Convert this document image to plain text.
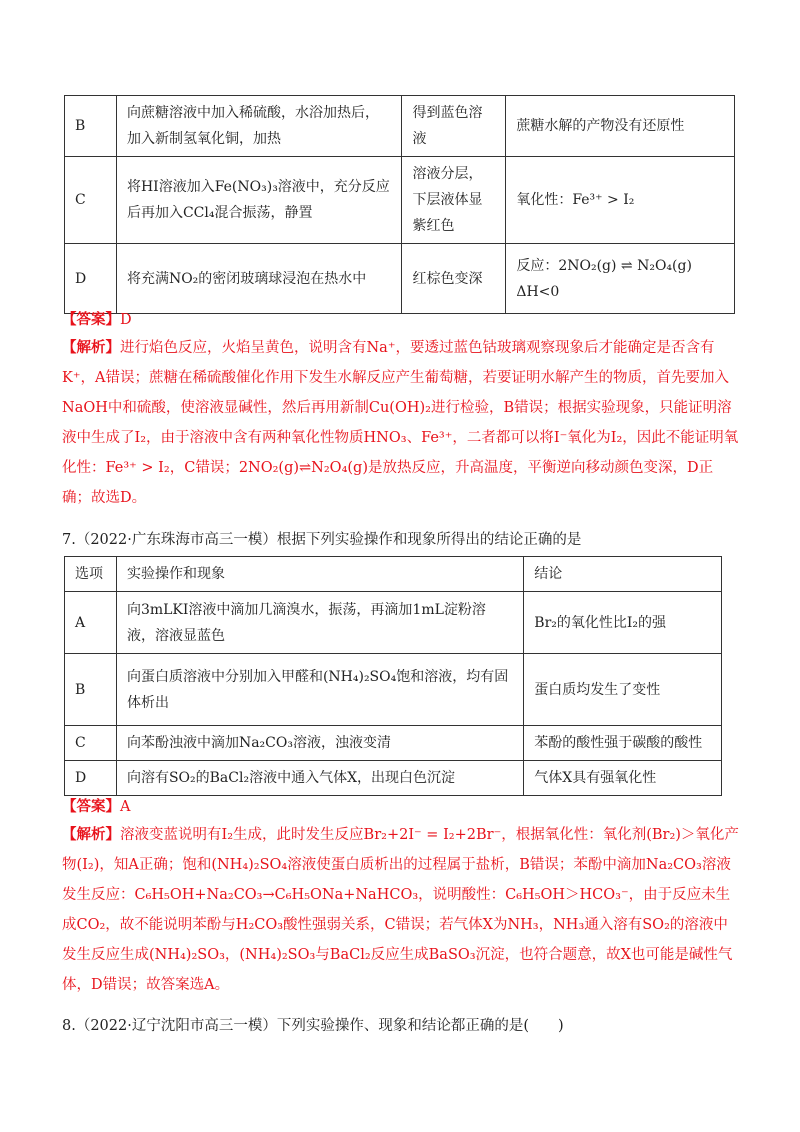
B	向蔗糖溶液中加入稀硫酸，水浴加热后，加入新制氢氧化铜，加热	得到蓝色溶液	蔗糖水解的产物没有还原性
C	将HI溶液加入Fe(NO₃)₃溶液中，充分反应后再加入CCl₄混合振荡，静置	溶液分层，下层液体显紫红色	氧化性：Fe³⁺ > I₂
D	将充满NO₂的密闭玻璃球浸泡在热水中	红棕色变深	反应：2NO₂(g) ⇌ N₂O₄(g) ΔH<0
【答案】D
【解析】进行焰色反应，火焰呈黄色，说明含有Na⁺，要透过蓝色钴玻璃观察现象后才能确定是否含有K⁺，A错误；蔗糖在稀硫酸催化作用下发生水解反应产生葡萄糖，若要证明水解产生的物质，首先要加入NaOH中和硫酸，使溶液显碱性，然后再用新制Cu(OH)₂进行检验，B错误；根据实验现象，只能证明溶液中生成了I₂，由于溶液中含有两种氧化性物质HNO₃、Fe³⁺，二者都可以将I⁻氧化为I₂，因此不能证明氧化性：Fe³⁺ > I₂，C错误；2NO₂(g)⇌N₂O₄(g)是放热反应，升高温度，平衡逆向移动颜色变深，D正确；故选D。
7.（2022·广东珠海市高三一模）根据下列实验操作和现象所得出的结论正确的是
选项	实验操作和现象	结论
A	向3mLKI溶液中滴加几滴溴水，振荡，再滴加1mL淀粉溶液，溶液显蓝色	Br₂的氧化性比I₂的强
B	向蛋白质溶液中分别加入甲醛和(NH₄)₂SO₄饱和溶液，均有固体析出	蛋白质均发生了变性
C	向苯酚浊液中滴加Na₂CO₃溶液，浊液变清	苯酚的酸性强于碳酸的酸性
D	向溶有SO₂的BaCl₂溶液中通入气体X，出现白色沉淀	气体X具有强氧化性
【答案】A
【解析】溶液变蓝说明有I₂生成，此时发生反应Br₂+2I⁻ = I₂+2Br⁻，根据氧化性：氧化剂(Br₂)＞氧化产物(I₂)，知A正确；饱和(NH₄)₂SO₄溶液使蛋白质析出的过程属于盐析，B错误；苯酚中滴加Na₂CO₃溶液发生反应：C₆H₅OH+Na₂CO₃→C₆H₅ONa+NaHCO₃，说明酸性：C₆H₅OH＞HCO₃⁻，由于反应未生成CO₂，故不能说明苯酚与H₂CO₃酸性强弱关系，C错误；若气体X为NH₃，NH₃通入溶有SO₂的溶液中发生反应生成(NH₄)₂SO₃，(NH₄)₂SO₃与BaCl₂反应生成BaSO₃沉淀，也符合题意，故X也可能是碱性气体，D错误；故答案选A。
8.（2022·辽宁沈阳市高三一模）下列实验操作、现象和结论都正确的是(　　)
